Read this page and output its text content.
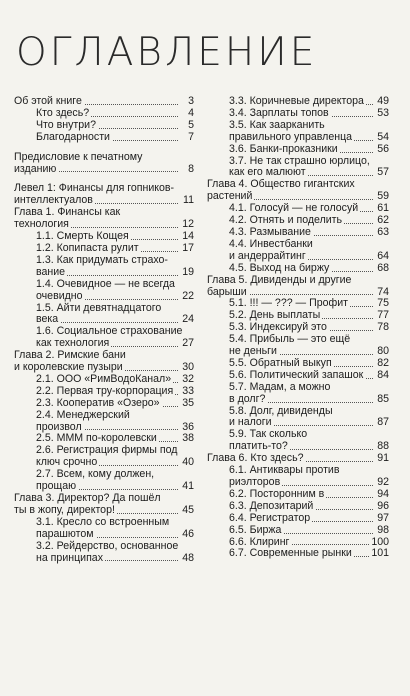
ОГЛАВЛЕНИЕ
Об этой книге	3
Кто здесь?	4
Что внутри?	5
Благодарности	7
Предисловие к печатному
изданию	8
Левел 1: Финансы для гопников-
интеллектуалов	11
Глава 1. Финансы как
технология	12
1.1. Смерть Кощея	14
1.2. Копипаста рулит	17
1.3. Как придумать страхо-
вание	19
1.4. Очевидное — не всегда
очевидно	22
1.5. Айти девятнадцатого
века	24
1.6. Социальное страхование
как технология	27
Глава 2. Римские бани
и королевские пузыри	30
2.1. ООО «РимВодоКанал»	32
2.2. Первая тру-корпорация 33
2.3. Кооператив «Озеро»	35
2.4. Менеджерский произвол	36
2.5. МММ по-королевски	38
2.6. Регистрация фирмы под
ключ срочно	40
2.7. Всем, кому должен,
прощаю	41
Глава 3. Директор? Да пошёл
ты в жопу, директор!	45
3.1. Кресло со встроенным
парашютом	46
3.2. Рейдерство, основанное
на принципах	48
3.3. Коричневые директора	49
3.4. Зарплаты топов	53
3.5. Как заарканить
правильного управленца	54
3.6. Банки-проказники	56
3.7. Не так страшно юрлицо,
как его малюют	57
Глава 4. Общество гигантских
растений	59
4.1. Голосуй — не голосуй	61
4.2. Отнять и поделить	62
4.3. Размывание	63
4.4. Инвестбанки
и андеррайтинг	64
4.5. Выход на биржу	68
Глава 5. Дивиденды и другие
барыши	74
5.1. !!! — ??? — Профит	75
5.2. День выплаты	77
5.3. Индексируй это	78
5.4. Прибыль — это ещё
не деньги	80
5.5. Обратный выкуп	82
5.6. Политический запашок	84
5.7. Мадам, а можно
в долг?	85
5.8. Долг, дивиденды
и налоги	87
5.9. Так сколько
платить-то?	88
Глава 6. Кто здесь?	91
6.1. Антиквары против
риэлторов	92
6.2. Посторонним в	94
6.3. Депозитарий	96
6.4. Регистратор	97
6.5. Биржа	98
6.6. Клиринг	100
6.7. Современные рынки	101
